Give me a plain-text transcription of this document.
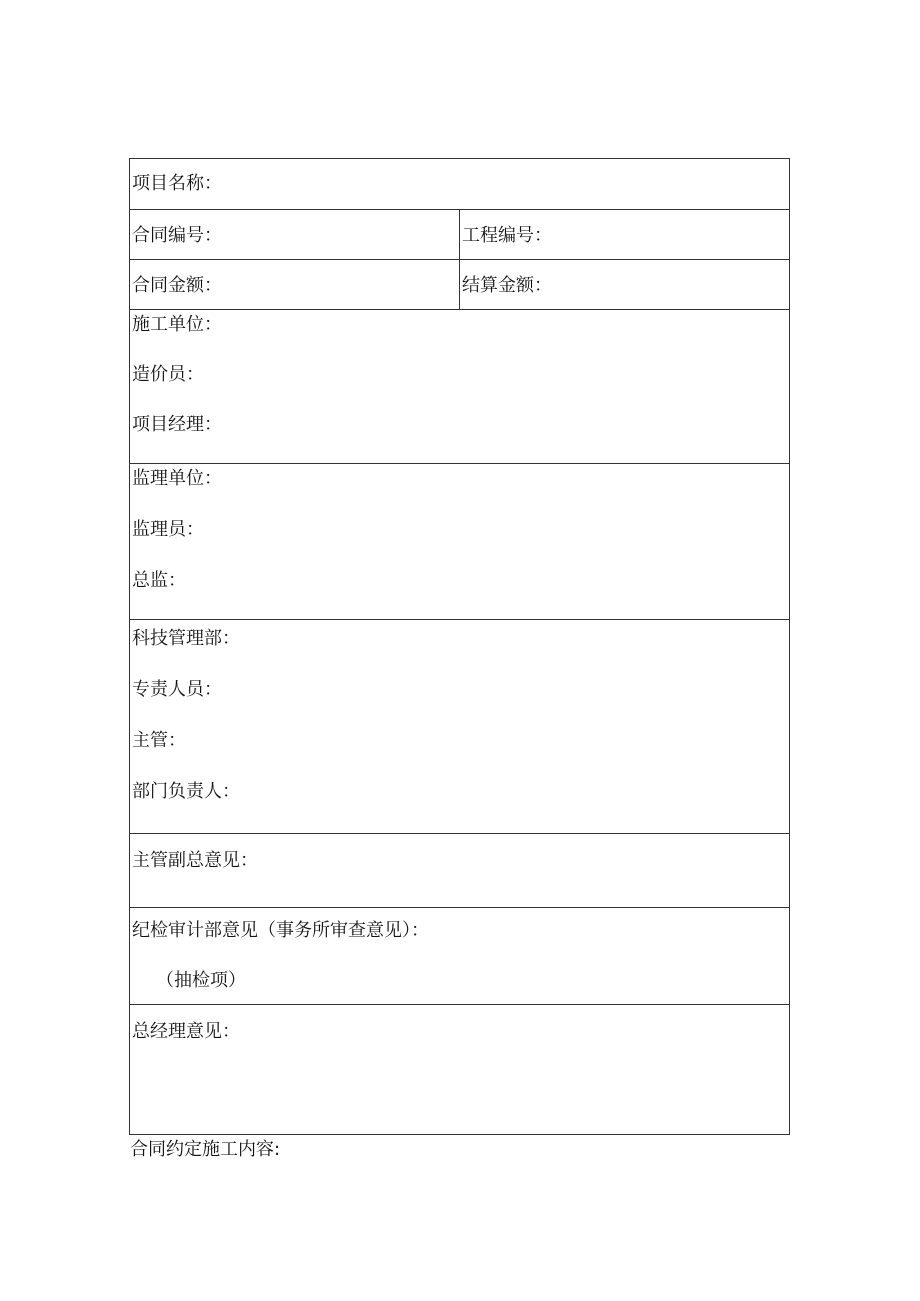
项目名称：
合同编号：	工程编号：
合同金额：	结算金额：
施工单位：
造价员：
项目经理：
监理单位：
监理员：
总监：
科技管理部：
专责人员：
主管：
部门负责人：
主管副总意见：
纪检审计部意见（事务所审查意见）：
（抽检项）
总经理意见：
合同约定施工内容:
